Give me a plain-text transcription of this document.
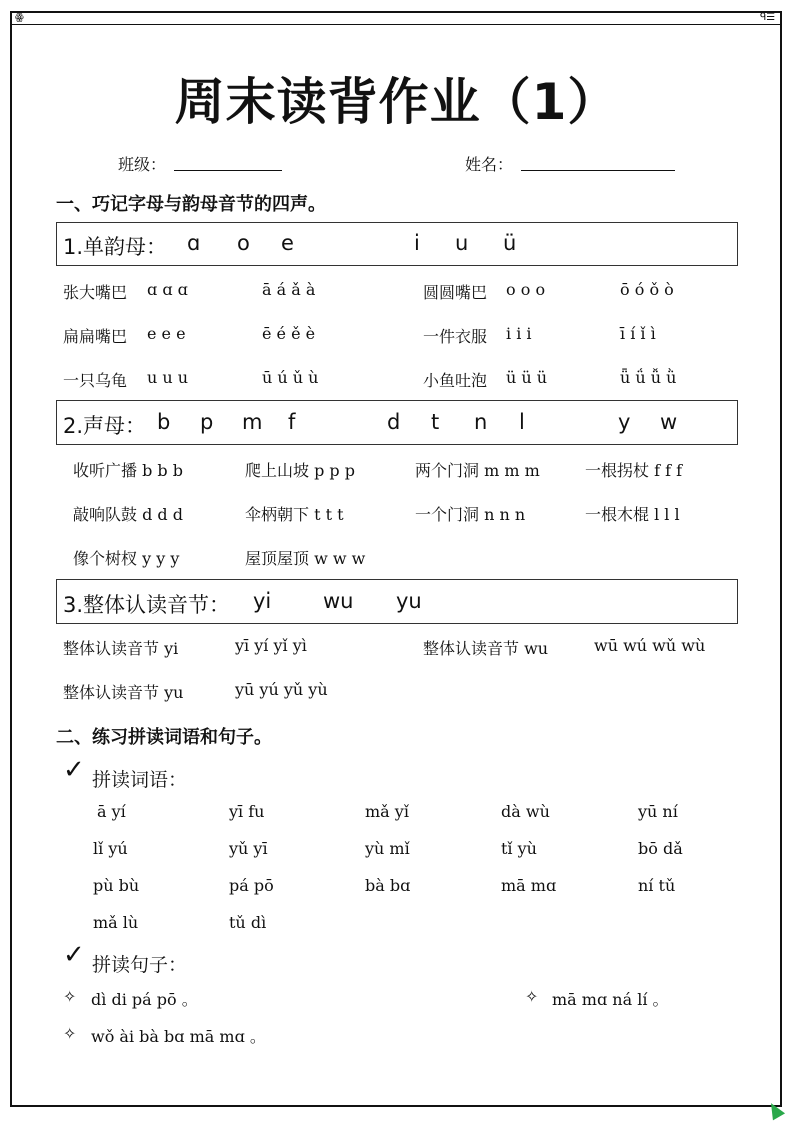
ꙮ	ᑫ☰
周末读背作业（1）
班级：	姓名：
一、巧记字母与韵母音节的四声。
1.单韵母： ɑ o e	i u ü
张大嘴巴 ɑ ɑ ɑ	ā á ǎ à	圆圆嘴巴 o o o	ō ó ǒ ò
扁扁嘴巴 e e e	ē é ě è	一件衣服 i i i	ī í ǐ ì
一只乌龟 u u u	ū ú ǔ ù	小鱼吐泡 ü ü ü	ǖ ǘ ǚ ǜ
2.声母： b p m f	d t n l	y w
收听广播 b b b	爬上山坡 p p p	两个门洞 m m m	一根拐杖 f f f
敲响队鼓 d d d	伞柄朝下 t t t	一个门洞 n n n	一根木棍 l l l
像个树杈 y y y	屋顶屋顶 w w w
3.整体认读音节： yi wu yu
整体认读音节 yi	yī yí yǐ yì	整体认读音节 wu	wū wú wǔ wù
整体认读音节 yu	yū yú yǔ yù
二、练习拼读词语和句子。
✓ 拼读词语：
ā yí	yī fu	mǎ yǐ	dà wù	yū ní
lǐ yú	yǔ yī	yù mǐ	tǐ yù	bō dǎ
pù bù	pá pō	bà bɑ	mā mɑ	ní tǔ
mǎ lù	tǔ dì
✓ 拼读句子：
✧ dì di pá pō 。	✧ mā mɑ ná lí 。
✧ wǒ ài bà bɑ mā mɑ 。
